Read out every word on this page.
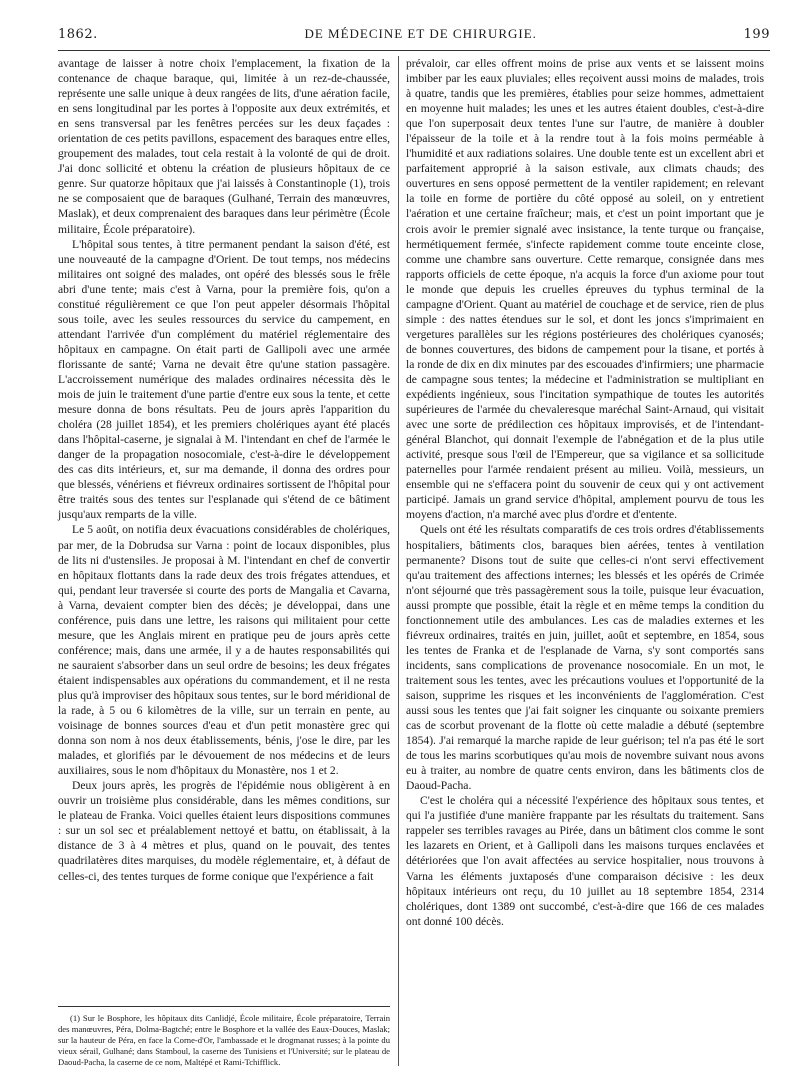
1862.	DE MÉDECINE ET DE CHIRURGIE.	199

avantage de laisser à notre choix l'emplacement, la fixation de la contenance de chaque baraque, qui, limitée à un rez-de-chaussée, représente une salle unique à deux rangées de lits, d'une aération facile, en sens longitudinal par les portes à l'opposite aux deux extrémités, et en sens transversal par les fenêtres percées sur les deux façades : orientation de ces petits pavillons, espacement des baraques entre elles, groupement des malades, tout cela restait à la volonté de qui de droit. J'ai donc sollicité et obtenu la création de plusieurs hôpitaux de ce genre. Sur quatorze hôpitaux que j'ai laissés à Constantinople (1), trois ne se composaient que de baraques (Gulhané, Terrain des manœuvres, Maslak), et deux comprenaient des baraques dans leur périmètre (École militaire, École préparatoire).

L'hôpital sous tentes, à titre permanent pendant la saison d'été, est une nouveauté de la campagne d'Orient. De tout temps, nos médecins militaires ont soigné des malades, ont opéré des blessés sous le frêle abri d'une tente; mais c'est à Varna, pour la première fois, qu'on a constitué régulièrement ce que l'on peut appeler désormais l'hôpital sous toile, avec les seules ressources du service du campement, en attendant l'arrivée d'un complément du matériel réglementaire des hôpitaux en campagne. On était parti de Gallipoli avec une armée florissante de santé; Varna ne devait être qu'une station passagère. L'accroissement numérique des malades ordinaires nécessita dès le mois de juin le traitement d'une partie d'entre eux sous la tente, et cette mesure donna de bons résultats. Peu de jours après l'apparition du choléra (28 juillet 1854), et les premiers cholériques ayant été placés dans l'hôpital-caserne, je signalai à M. l'intendant en chef de l'armée le danger de la propagation nosocomiale, c'est-à-dire le développement des cas dits intérieurs, et, sur ma demande, il donna des ordres pour que blessés, vénériens et fiévreux ordinaires sortissent de l'hôpital pour être traités sous des tentes sur l'esplanade qui s'étend de ce bâtiment jusqu'aux remparts de la ville.

Le 5 août, on notifia deux évacuations considérables de cholériques, par mer, de la Dobrudsa sur Varna : point de locaux disponibles, plus de lits ni d'ustensiles. Je proposai à M. l'intendant en chef de convertir en hôpitaux flottants dans la rade deux des trois frégates attendues, et qui, pendant leur traversée si courte des ports de Mangalia et Cavarna, à Varna, devaient compter bien des décès; je développai, dans une conférence, puis dans une lettre, les raisons qui militaient pour cette mesure, que les Anglais mirent en pratique peu de jours après cette conférence; mais, dans une armée, il y a de hautes responsabilités qui ne sauraient s'absorber dans un seul ordre de besoins; les deux frégates étaient indispensables aux opérations du commandement, et il ne resta plus qu'à improviser des hôpitaux sous tentes, sur le bord méridional de la rade, à 5 ou 6 kilomètres de la ville, sur un terrain en pente, au voisinage de bonnes sources d'eau et d'un petit monastère grec qui donna son nom à nos deux établissements, bénis, j'ose le dire, par les malades, et glorifiés par le dévouement de nos médecins et de leurs auxiliaires, sous le nom d'hôpitaux du Monastère, nos 1 et 2.

Deux jours après, les progrès de l'épidémie nous obligèrent à en ouvrir un troisième plus considérable, dans les mêmes conditions, sur le plateau de Franka. Voici quelles étaient leurs dispositions communes : sur un sol sec et préalablement nettoyé et battu, on établissait, à la distance de 3 à 4 mètres et plus, quand on le pouvait, des tentes quadrilatères dites marquises, du modèle réglementaire, et, à défaut de celles-ci, des tentes turques de forme conique que l'expérience a fait

prévaloir, car elles offrent moins de prise aux vents et se laissent moins imbiber par les eaux pluviales; elles reçoivent aussi moins de malades, trois à quatre, tandis que les premières, établies pour seize hommes, admettaient en moyenne huit malades; les unes et les autres étaient doubles, c'est-à-dire que l'on superposait deux tentes l'une sur l'autre, de manière à doubler l'épaisseur de la toile et à la rendre tout à la fois moins perméable à l'humidité et aux radiations solaires. Une double tente est un excellent abri et parfaitement approprié à la saison estivale, aux climats chauds; des ouvertures en sens opposé permettent de la ventiler rapidement; en relevant la toile en forme de portière du côté opposé au soleil, on y entretient l'aération et une certaine fraîcheur; mais, et c'est un point important que je crois avoir le premier signalé avec insistance, la tente turque ou française, hermétiquement fermée, s'infecte rapidement comme toute enceinte close, comme une chambre sans ouverture. Cette remarque, consignée dans mes rapports officiels de cette époque, n'a acquis la force d'un axiome pour tout le monde que depuis les cruelles épreuves du typhus terminal de la campagne d'Orient. Quant au matériel de couchage et de service, rien de plus simple : des nattes étendues sur le sol, et dont les joncs s'imprimaient en vergetures parallèles sur les régions postérieures des cholériques cyanosés; de bonnes couvertures, des bidons de campement pour la tisane, et portés à la ronde de dix en dix minutes par des escouades d'infirmiers; une pharmacie de campagne sous tentes; la médecine et l'administration se multipliant en expédients ingénieux, sous l'incitation sympathique de toutes les autorités supérieures de l'armée du chevaleresque maréchal Saint-Arnaud, qui visitait avec une sorte de prédilection ces hôpitaux improvisés, et de l'intendant-général Blanchot, qui donnait l'exemple de l'abnégation et de la plus utile activité, presque sous l'œil de l'Empereur, que sa vigilance et sa sollicitude paternelles pour l'armée rendaient présent au milieu. Voilà, messieurs, un ensemble qui ne s'effacera point du souvenir de ceux qui y ont activement participé. Jamais un grand service d'hôpital, amplement pourvu de tous les moyens d'action, n'a marché avec plus d'ordre et d'entente.

Quels ont été les résultats comparatifs de ces trois ordres d'établissements hospitaliers, bâtiments clos, baraques bien aérées, tentes à ventilation permanente? Disons tout de suite que celles-ci n'ont servi effectivement qu'au traitement des affections internes; les blessés et les opérés de Crimée n'ont séjourné que très passagèrement sous la toile, puisque leur évacuation, aussi prompte que possible, était la règle et en même temps la condition du fonctionnement utile des ambulances. Les cas de maladies externes et les fiévreux ordinaires, traités en juin, juillet, août et septembre, en 1854, sous les tentes de Franka et de l'esplanade de Varna, s'y sont comportés sans incidents, sans complications de provenance nosocomiale. En un mot, le traitement sous les tentes, avec les précautions voulues et l'opportunité de la saison, supprime les risques et les inconvénients de l'agglomération. C'est aussi sous les tentes que j'ai fait soigner les cinquante ou soixante premiers cas de scorbut provenant de la flotte où cette maladie a débuté (septembre 1854). J'ai remarqué la marche rapide de leur guérison; tel n'a pas été le sort de tous les marins scorbutiques qu'au mois de novembre suivant nous avons eu à traiter, au nombre de quatre cents environ, dans les bâtiments clos de Daoud-Pacha.

C'est le choléra qui a nécessité l'expérience des hôpitaux sous tentes, et qui l'a justifiée d'une manière frappante par les résultats du traitement. Sans rappeler ses terribles ravages au Pirée, dans un bâtiment clos comme le sont les lazarets en Orient, et à Gallipoli dans les maisons turques enclavées et détériorées que l'on avait affectées au service hospitalier, nous trouvons à Varna les éléments juxtaposés d'une comparaison décisive : les deux hôpitaux intérieurs ont reçu, du 10 juillet au 18 septembre 1854, 2314 cholériques, dont 1389 ont succombé, c'est-à-dire que 166 de ces malades ont donné 100 décès.

(1) Sur le Bosphore, les hôpitaux dits Canlidjé, École militaire, École préparatoire, Terrain des manœuvres, Péra, Dolma-Bagtché; entre le Bosphore et la vallée des Eaux-Douces, Maslak; sur la hauteur de Péra, en face la Corne-d'Or, l'ambassade et le drogmanat russes; à la pointe du vieux sérail, Gulhané; dans Stamboul, la caserne des Tunisiens et l'Université; sur le plateau de Daoud-Pacha, la caserne de ce nom, Maltépé et Rami-Tchifflick.
